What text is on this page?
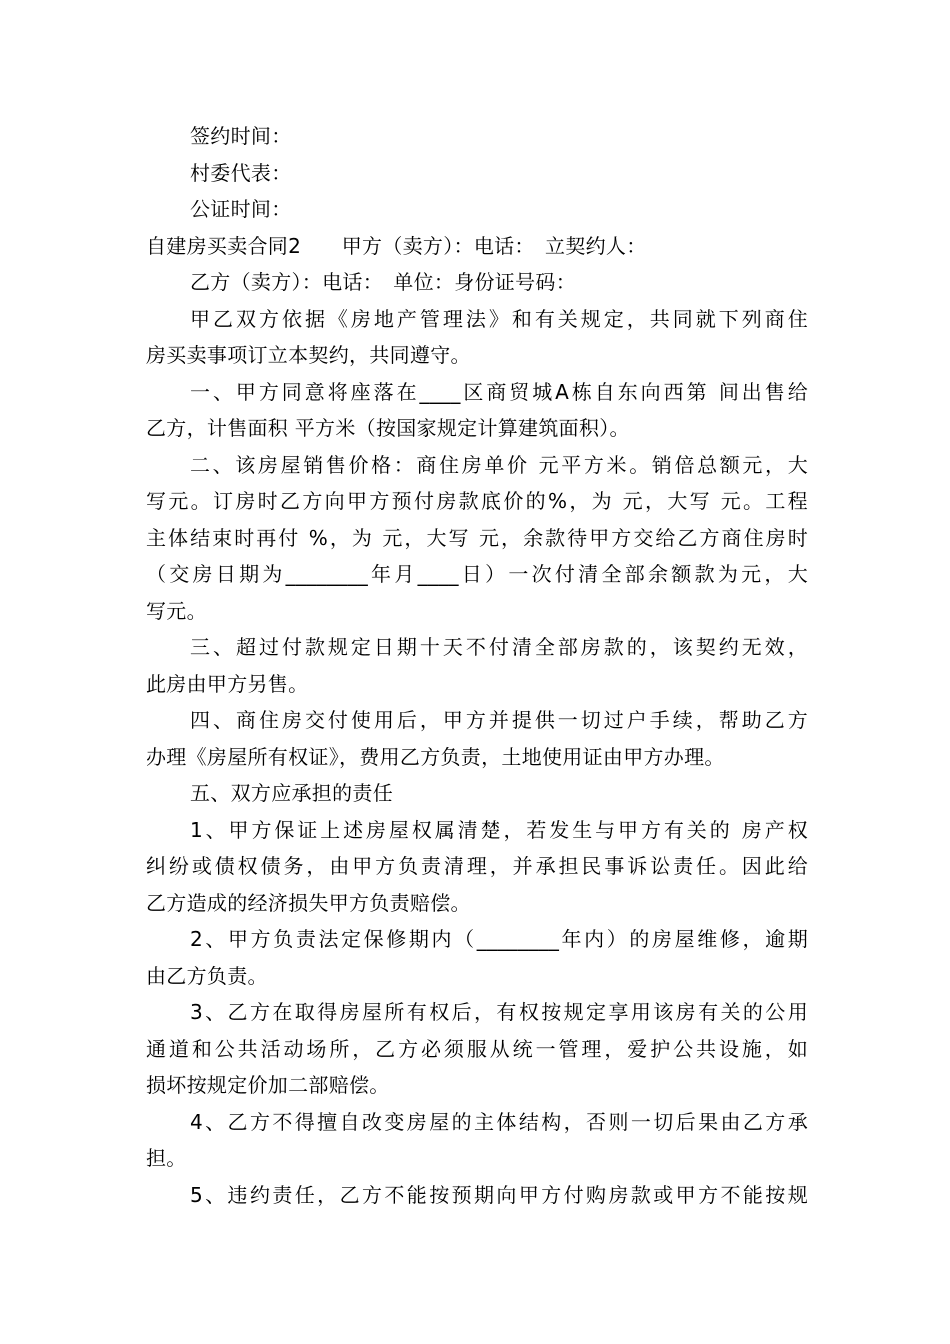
签约时间：
村委代表：
公证时间：
自建房买卖合同2　　甲方（卖方）：电话：　立契约人：
乙方（卖方）：电话：　单位：身份证号码：
甲乙双方依据《房地产管理法》和有关规定，共同就下列商住
房买卖事项订立本契约，共同遵守。
一、甲方同意将座落在____区商贸城A栋自东向西第 间出售给
乙方，计售面积 平方米（按国家规定计算建筑面积）。
二、该房屋销售价格：商住房单价 元平方米。销倍总额元，大
写元。订房时乙方向甲方预付房款底价的%，为 元，大写 元。工程
主体结束时再付 %，为 元，大写 元，余款待甲方交给乙方商住房时
（交房日期为________年月____日）一次付清全部余额款为元，大
写元。
三、超过付款规定日期十天不付清全部房款的，该契约无效，
此房由甲方另售。
四、商住房交付使用后，甲方并提供一切过户手续，帮助乙方
办理《房屋所有权证》，费用乙方负责，土地使用证由甲方办理。
五、双方应承担的责任
1、甲方保证上述房屋权属清楚，若发生与甲方有关的 房产权
纠纷或债权债务，由甲方负责清理，并承担民事诉讼责任。因此给
乙方造成的经济损失甲方负责赔偿。
2、甲方负责法定保修期内（________年内）的房屋维修，逾期
由乙方负责。
3、乙方在取得房屋所有权后，有权按规定享用该房有关的公用
通道和公共活动场所，乙方必须服从统一管理，爱护公共设施，如
损坏按规定价加二部赔偿。
4、乙方不得擅自改变房屋的主体结构，否则一切后果由乙方承
担。
5、违约责任，乙方不能按预期向甲方付购房款或甲方不能按规
